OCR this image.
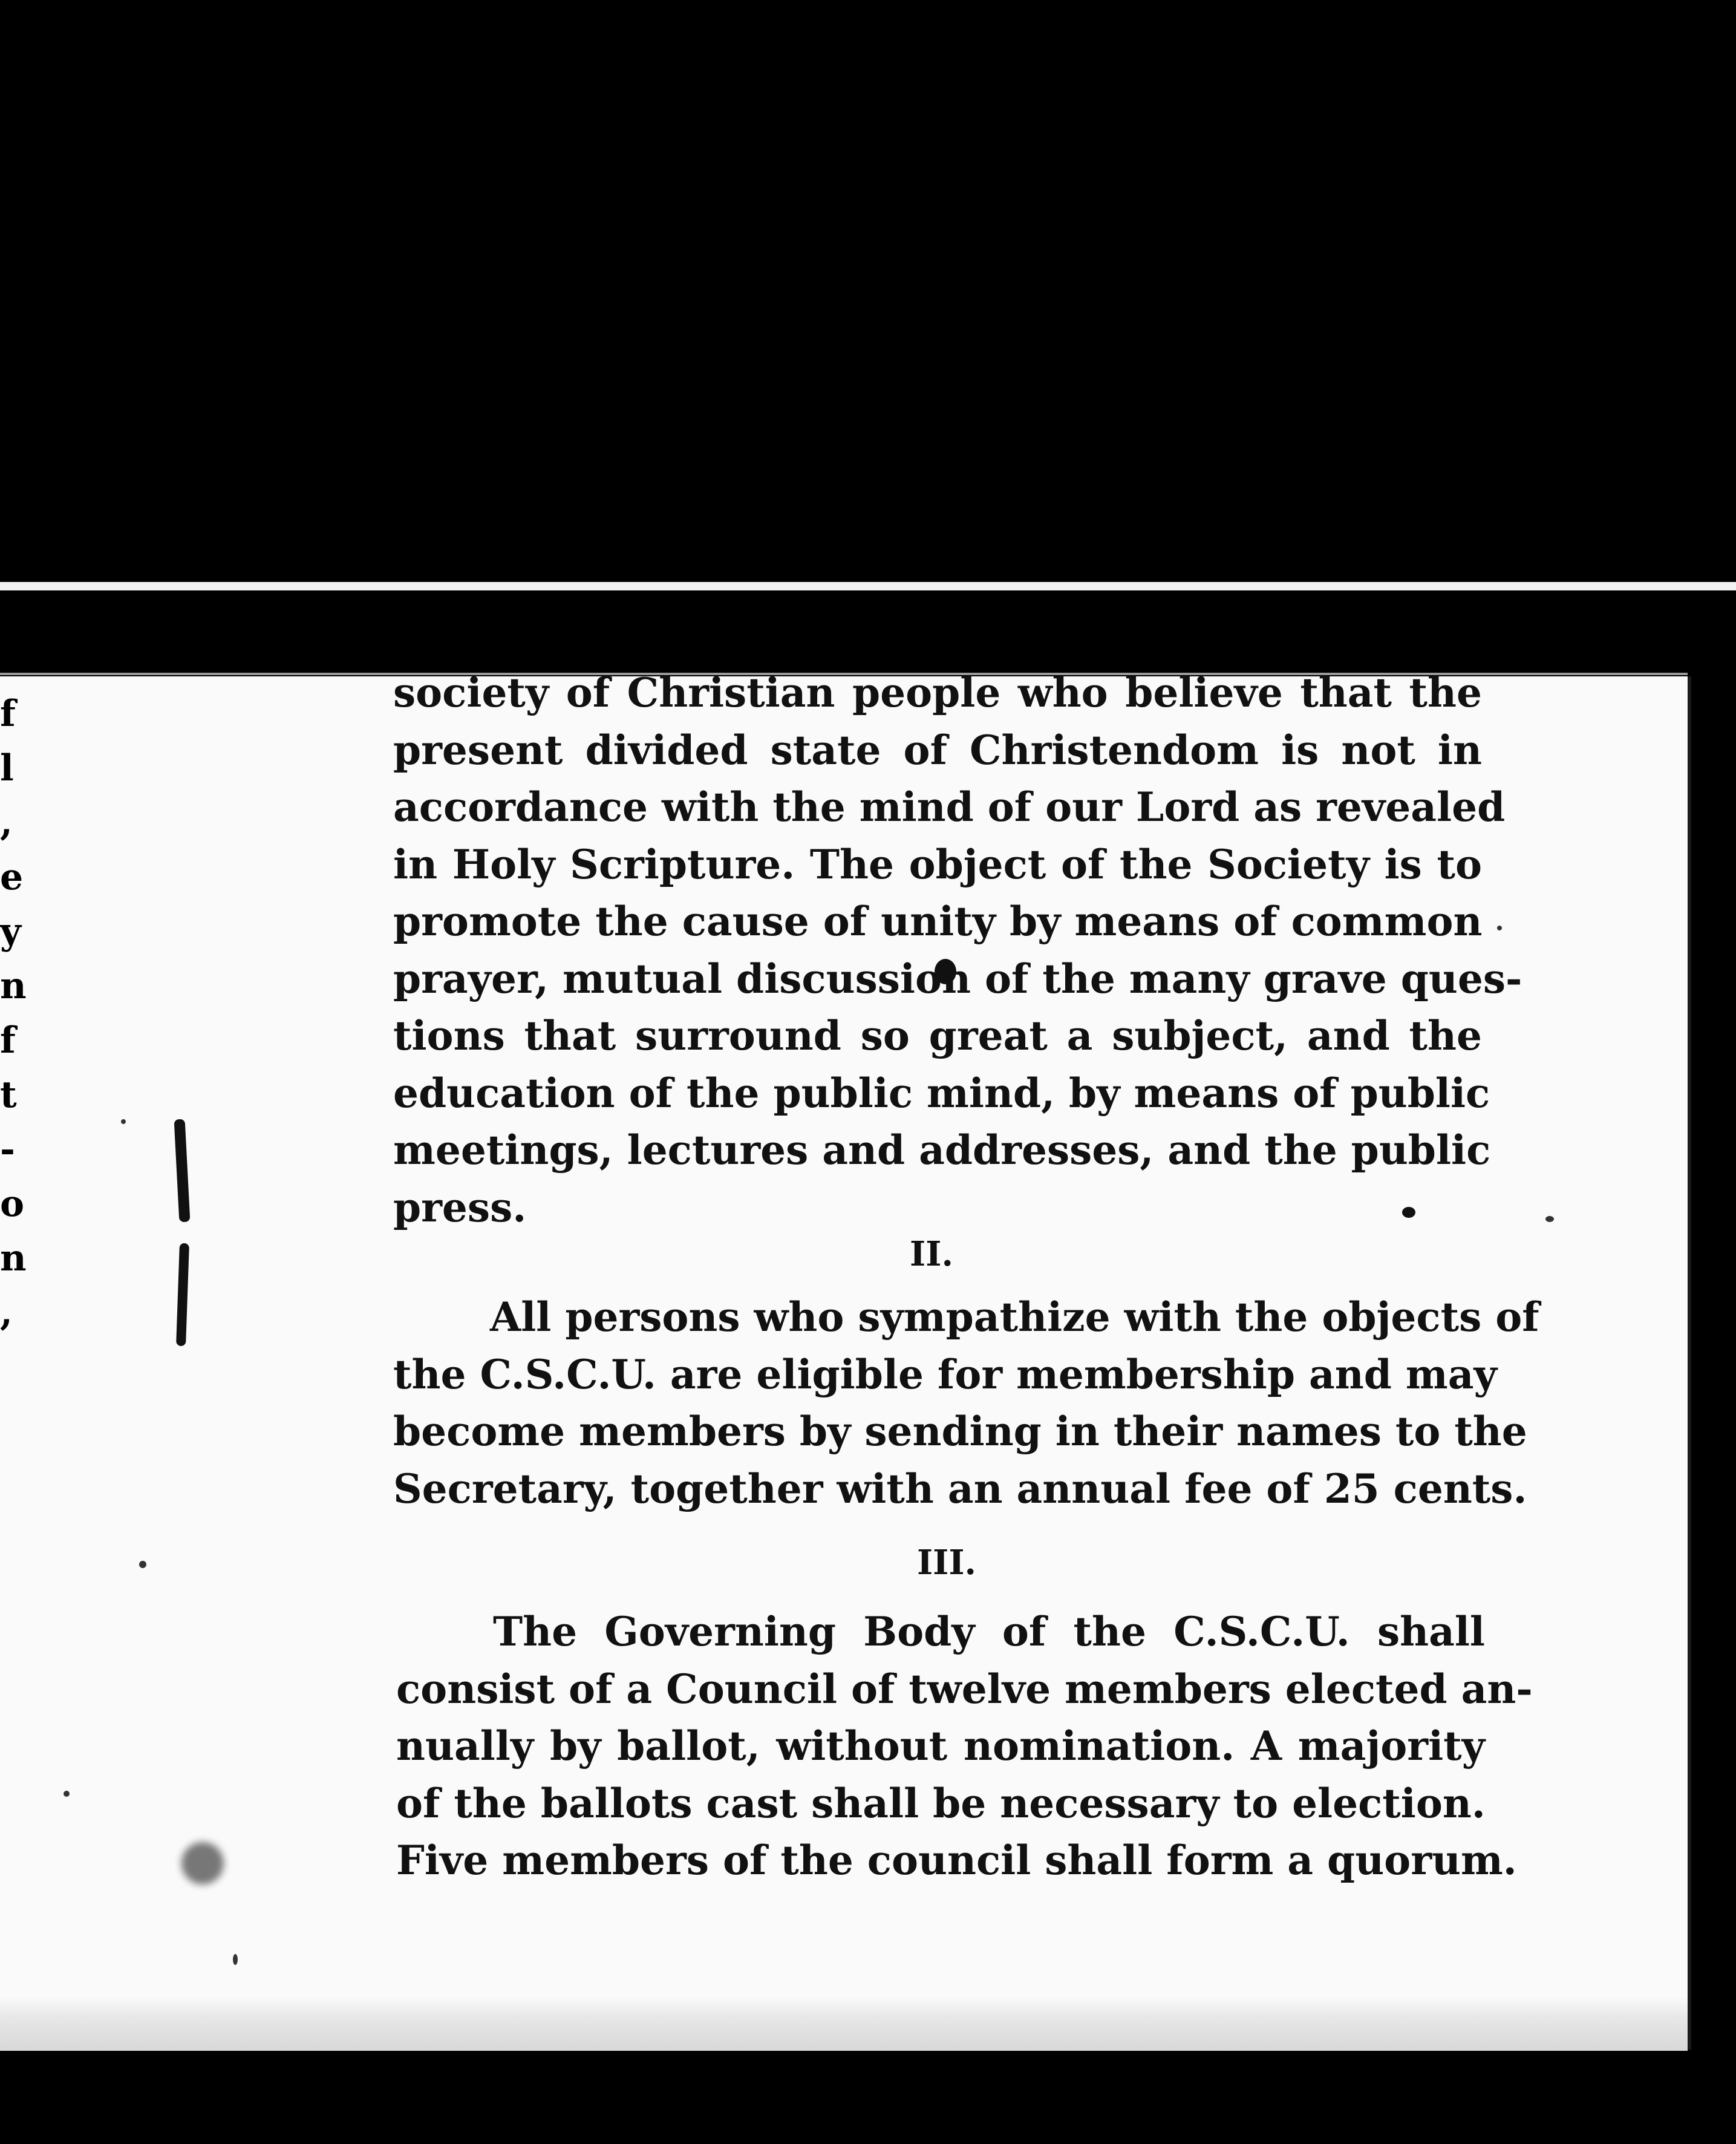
f
l
,
e
y
n
f
t
-
o
n
,
society of Christian people who believe that the
present divided state of Christendom is not in
accordance with the mind of our Lord as revealed
in Holy Scripture. The object of the Society is to
promote the cause of unity by means of common
prayer, mutual discussion of the many grave ques-
tions that surround so great a subject, and the
education of the public mind, by means of public
meetings, lectures and addresses, and the public
press.
II.
All persons who sympathize with the objects of
the C.S.C.U. are eligible for membership and may
become members by sending in their names to the
Secretary, together with an annual fee of 25 cents.
III.
The Governing Body of the C.S.C.U. shall
consist of a Council of twelve members elected an-
nually by ballot, without nomination. A majority
of the ballots cast shall be necessary to election.
Five members of the council shall form a quorum.
